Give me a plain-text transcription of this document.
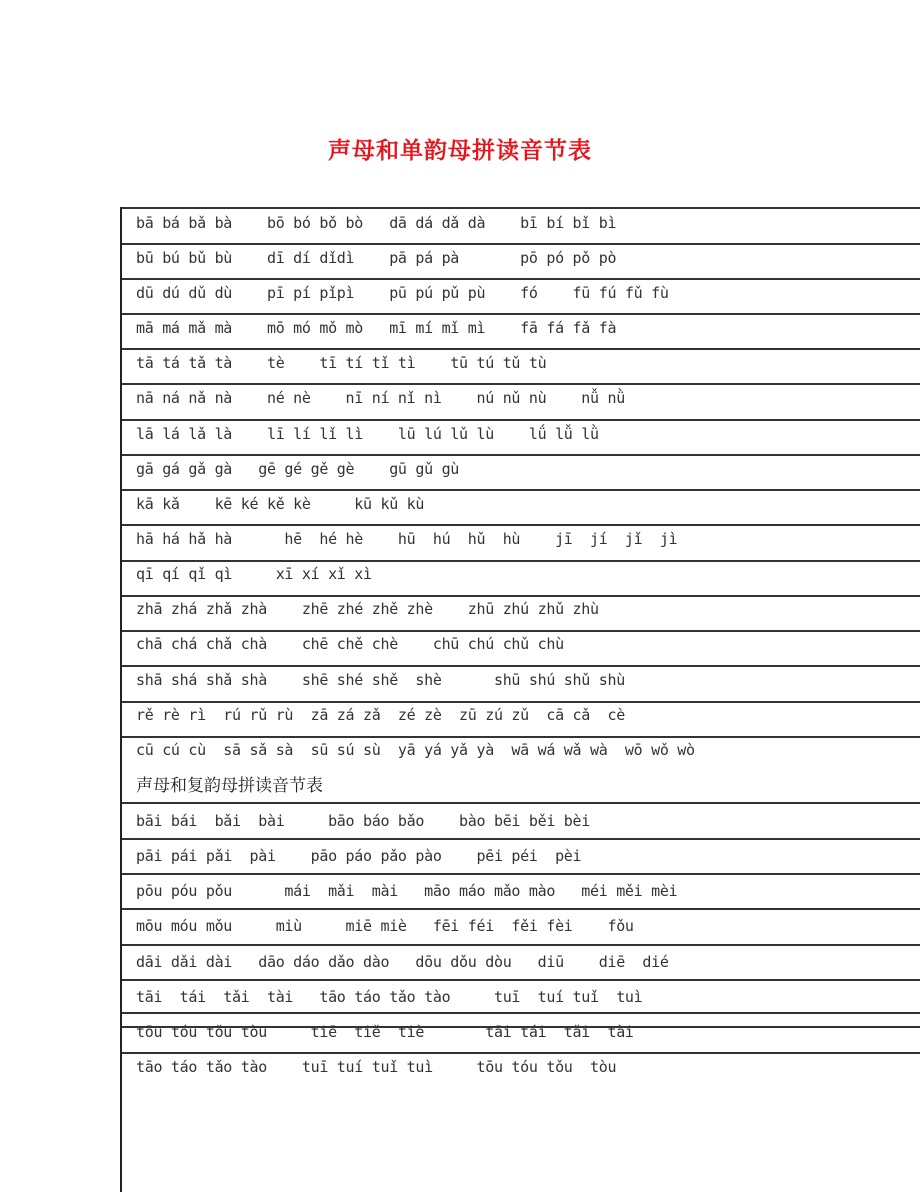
声母和单韵母拼读音节表
bā bá bǎ bà    bō bó bǒ bò   dā dá dǎ dà    bī bí bǐ bì
bū bú bǔ bù    dī dí dǐdì    pā pá pà       pō pó pǒ pò
dū dú dǔ dù    pī pí pǐpì    pū pú pǔ pù    fó    fū fú fǔ fù
mā má mǎ mà    mō mó mǒ mò   mī mí mǐ mì    fā fá fǎ fà
tā tá tǎ tà    tè    tī tí tǐ tì    tū tú tǔ tù
nā ná nǎ nà    né nè    nī ní nǐ nì    nú nǔ nù    nǚ nǜ
lā lá lǎ là    lī lí lǐ lì    lū lú lǔ lù    lǘ lǚ lǜ
gā gá gǎ gà   gē gé gě gè    gū gǔ gù
kā kǎ    kē ké kě kè     kū kǔ kù
hā há hǎ hà      hē  hé hè    hū  hú  hǔ  hù    jī  jí  jǐ  jì
qī qí qǐ qì     xī xí xǐ xì
zhā zhá zhǎ zhà    zhē zhé zhě zhè    zhū zhú zhǔ zhù
chā chá chǎ chà    chē chě chè    chū chú chǔ chù
shā shá shǎ shà    shē shé shě  shè      shū shú shǔ shù
rě rè rì  rú rǔ rù  zā zá zǎ  zé zè  zū zú zǔ  cā cǎ  cè
cū cú cù  sā sǎ sà  sū sú sù  yā yá yǎ yà  wā wá wǎ wà  wō wǒ wò
声母和复韵母拼读音节表
bāi bái  bǎi  bài     bāo báo bǎo    bào bēi běi bèi
pāi pái pǎi  pài    pāo páo pǎo pào    pēi péi  pèi
pōu póu pǒu      mái  mǎi  mài   māo máo mǎo mào   méi měi mèi
mōu móu mǒu     miù     miē miè   fēi féi  fěi fèi    fǒu
dāi dǎi dài   dāo dáo dǎo dào   dōu dǒu dòu   diū    diē  dié
tāi  tái  tǎi  tài   tāo táo tǎo tào     tuī  tuí tuǐ  tuì
tōu tóu tǒu tòu     tiē  tiě  tiè       tāi tái  tǎi  tài
tāo táo tǎo tào    tuī tuí tuǐ tuì     tōu tóu tǒu  tòu
